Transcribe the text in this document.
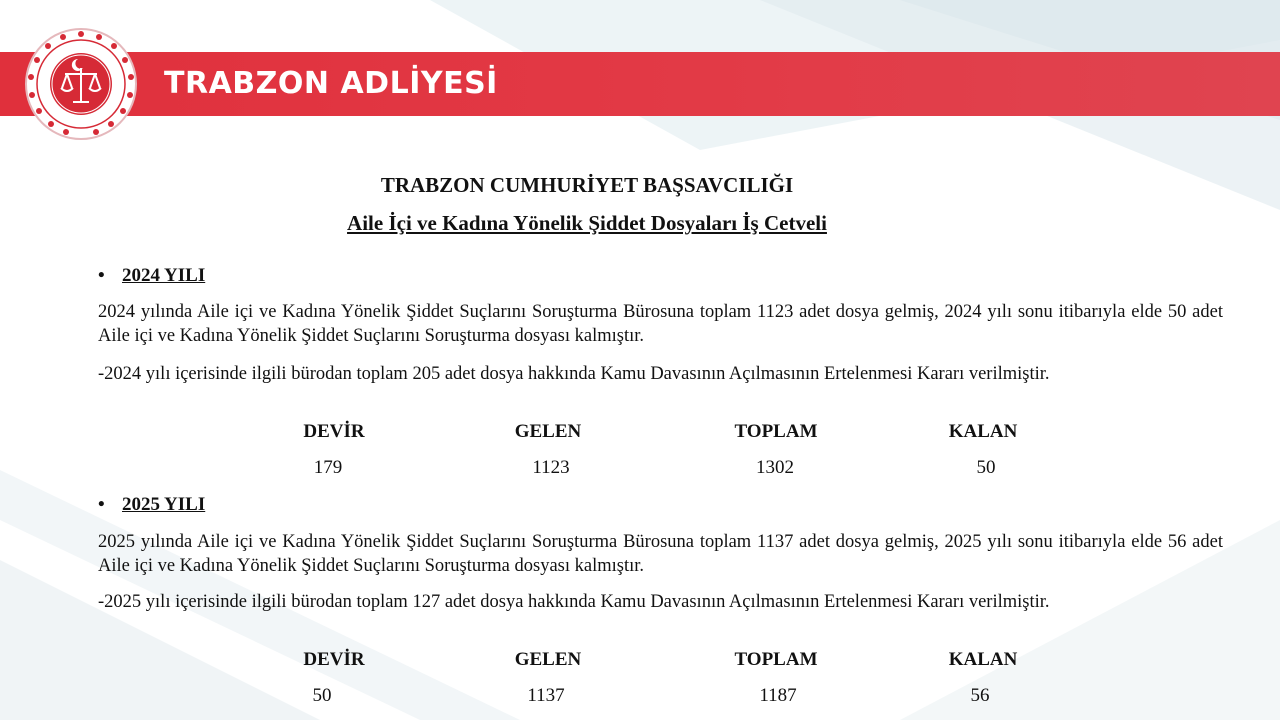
TRABZON ADLİYESİ
TRABZON CUMHURİYET BAŞSAVCILIĞI
Aile İçi ve Kadına Yönelik Şiddet Dosyaları İş Cetveli
• 2024 YILI
2024 yılında Aile içi ve Kadına Yönelik Şiddet Suçlarını Soruşturma Bürosuna toplam 1123 adet dosya gelmiş, 2024 yılı sonu itibarıyla elde 50 adet Aile içi ve Kadına Yönelik Şiddet Suçlarını Soruşturma dosyası kalmıştır.
-2024 yılı içerisinde ilgili bürodan toplam 205 adet dosya hakkında Kamu Davasının Açılmasının Ertelenmesi Kararı verilmiştir.
DEVİR	GELEN	TOPLAM	KALAN
179	1123	1302	50
• 2025 YILI
2025 yılında Aile içi ve Kadına Yönelik Şiddet Suçlarını Soruşturma Bürosuna toplam 1137 adet dosya gelmiş, 2025 yılı sonu itibarıyla elde 56 adet Aile içi ve Kadına Yönelik Şiddet Suçlarını Soruşturma dosyası kalmıştır.
-2025 yılı içerisinde ilgili bürodan toplam 127 adet dosya hakkında Kamu Davasının Açılmasının Ertelenmesi Kararı verilmiştir.
DEVİR	GELEN	TOPLAM	KALAN
50	1137	1187	56
